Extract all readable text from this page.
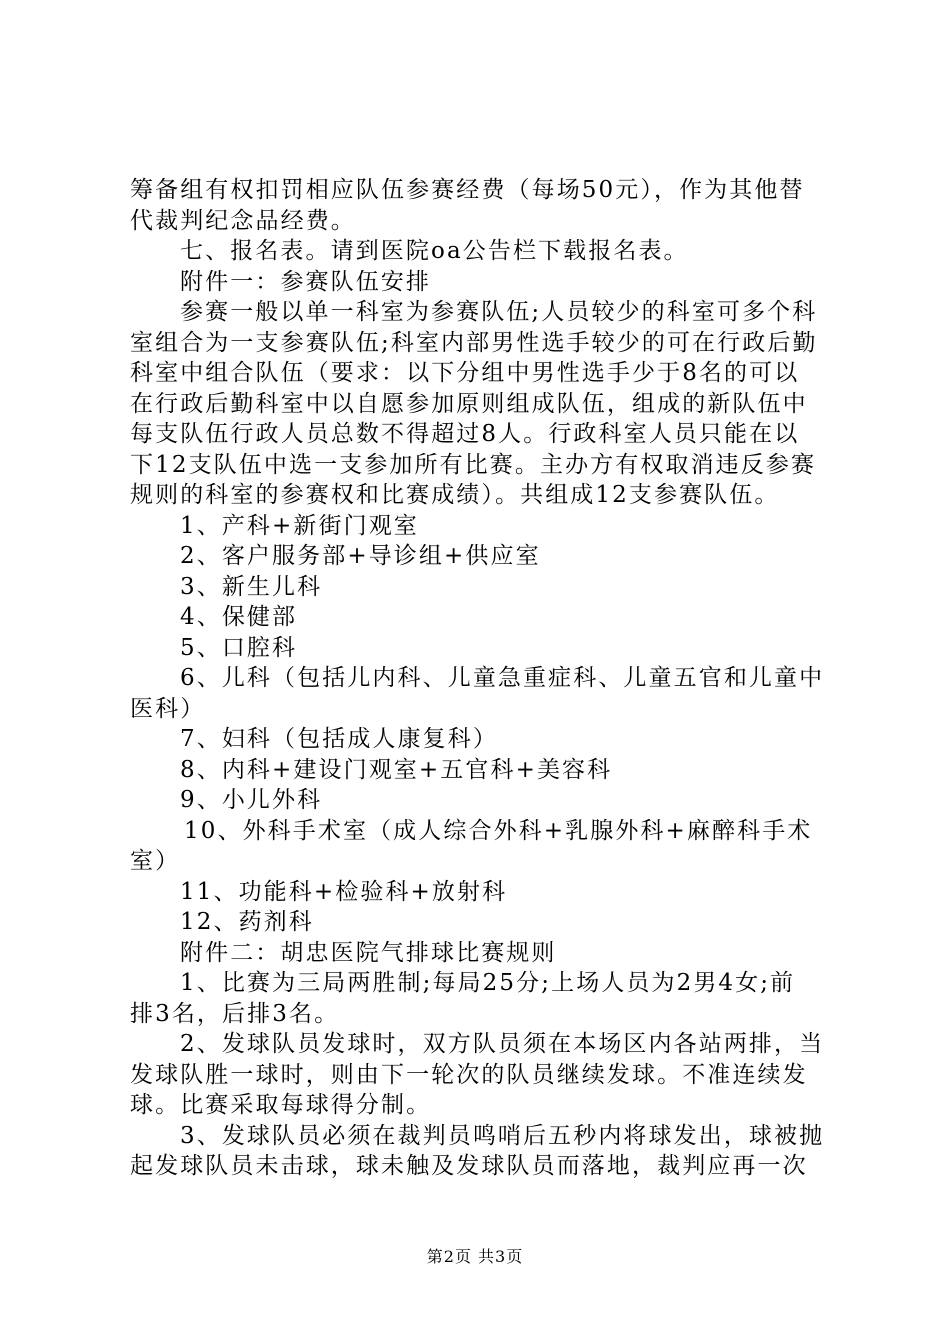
筹备组有权扣罚相应队伍参赛经费（每场50元），作为其他替
代裁判纪念品经费。
七、报名表。请到医院oa公告栏下载报名表。
附件一：参赛队伍安排
参赛一般以单一科室为参赛队伍;人员较少的科室可多个科
室组合为一支参赛队伍;科室内部男性选手较少的可在行政后勤
科室中组合队伍（要求：以下分组中男性选手少于8名的可以
在行政后勤科室中以自愿参加原则组成队伍，组成的新队伍中
每支队伍行政人员总数不得超过8人。行政科室人员只能在以
下12支队伍中选一支参加所有比赛。主办方有权取消违反参赛
规则的科室的参赛权和比赛成绩）。共组成12支参赛队伍。
1、产科+新街门观室
2、客户服务部+导诊组+供应室
3、新生儿科
4、保健部
5、口腔科
6、儿科（包括儿内科、儿童急重症科、儿童五官和儿童中
医科）
7、妇科（包括成人康复科）
8、内科+建设门观室+五官科+美容科
9、小儿外科
10、外科手术室（成人综合外科+乳腺外科+麻醉科手术
室）
11、功能科+检验科+放射科
12、药剂科
附件二：胡忠医院气排球比赛规则
1、比赛为三局两胜制;每局25分;上场人员为2男4女;前
排3名，后排3名。
2、发球队员发球时，双方队员须在本场区内各站两排，当
发球队胜一球时，则由下一轮次的队员继续发球。不准连续发
球。比赛采取每球得分制。
3、发球队员必须在裁判员鸣哨后五秒内将球发出，球被抛
起发球队员未击球，球未触及发球队员而落地，裁判应再一次
第2页 共3页
